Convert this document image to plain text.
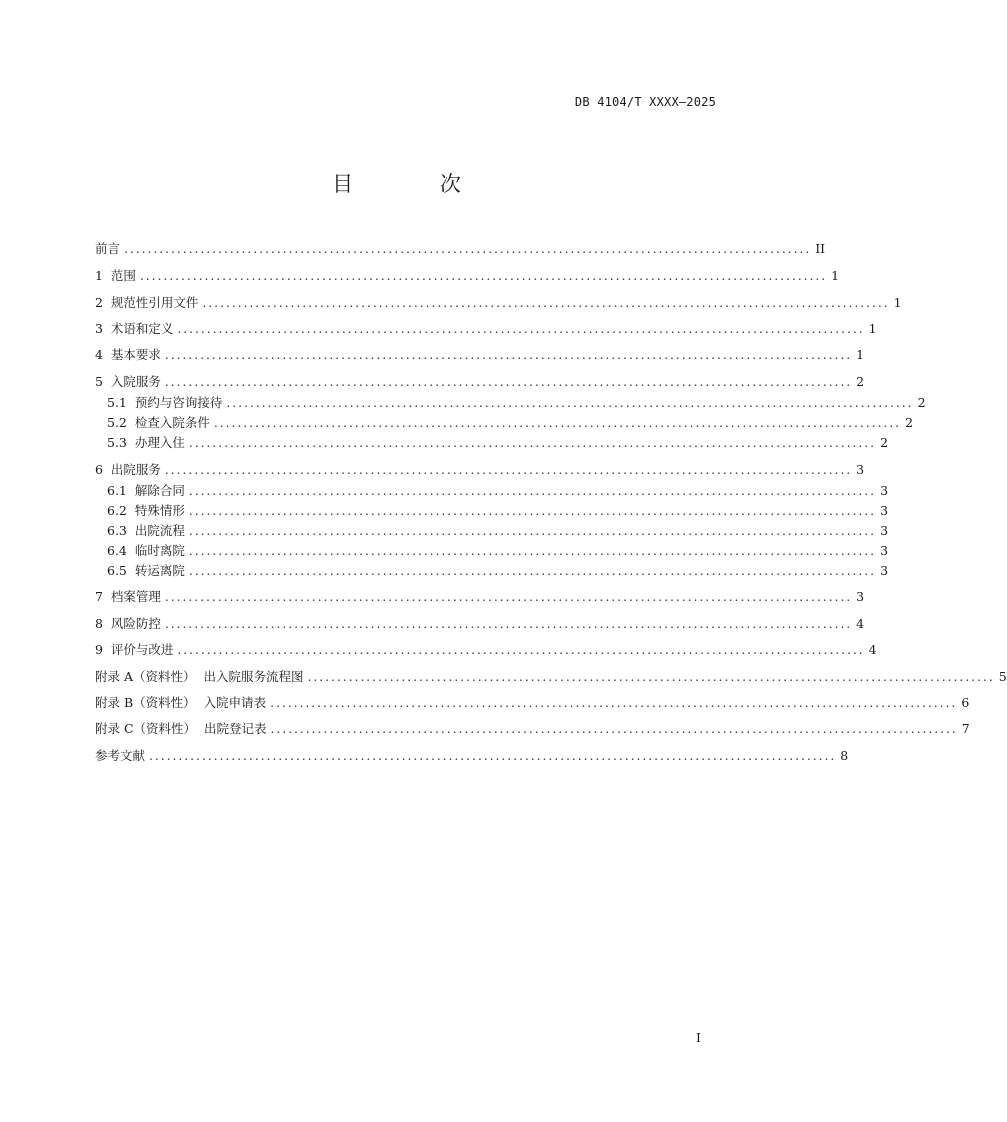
DB 4104/T XXXX—2025
目 次
前言 ..................................................................................................................... II
1  范围 ..................................................................................................................... 1
2  规范性引用文件 ..................................................................................................................... 1
3  术语和定义 ..................................................................................................................... 1
4  基本要求 ..................................................................................................................... 1
5  入院服务 ..................................................................................................................... 2
5.1  预约与咨询接待 ..................................................................................................................... 2
5.2  检查入院条件 ..................................................................................................................... 2
5.3  办理入住 ..................................................................................................................... 2
6  出院服务 ..................................................................................................................... 3
6.1  解除合同 ..................................................................................................................... 3
6.2  特殊情形 ..................................................................................................................... 3
6.3  出院流程 ..................................................................................................................... 3
6.4  临时离院 ..................................................................................................................... 3
6.5  转运离院 ..................................................................................................................... 3
7  档案管理 ..................................................................................................................... 3
8  风险防控 ..................................................................................................................... 4
9  评价与改进 ..................................................................................................................... 4
附录 A（资料性）  出入院服务流程图 ..................................................................................................................... 5
附录 B（资料性）  入院申请表 ..................................................................................................................... 6
附录 C（资料性）  出院登记表 ..................................................................................................................... 7
参考文献 ..................................................................................................................... 8
I
